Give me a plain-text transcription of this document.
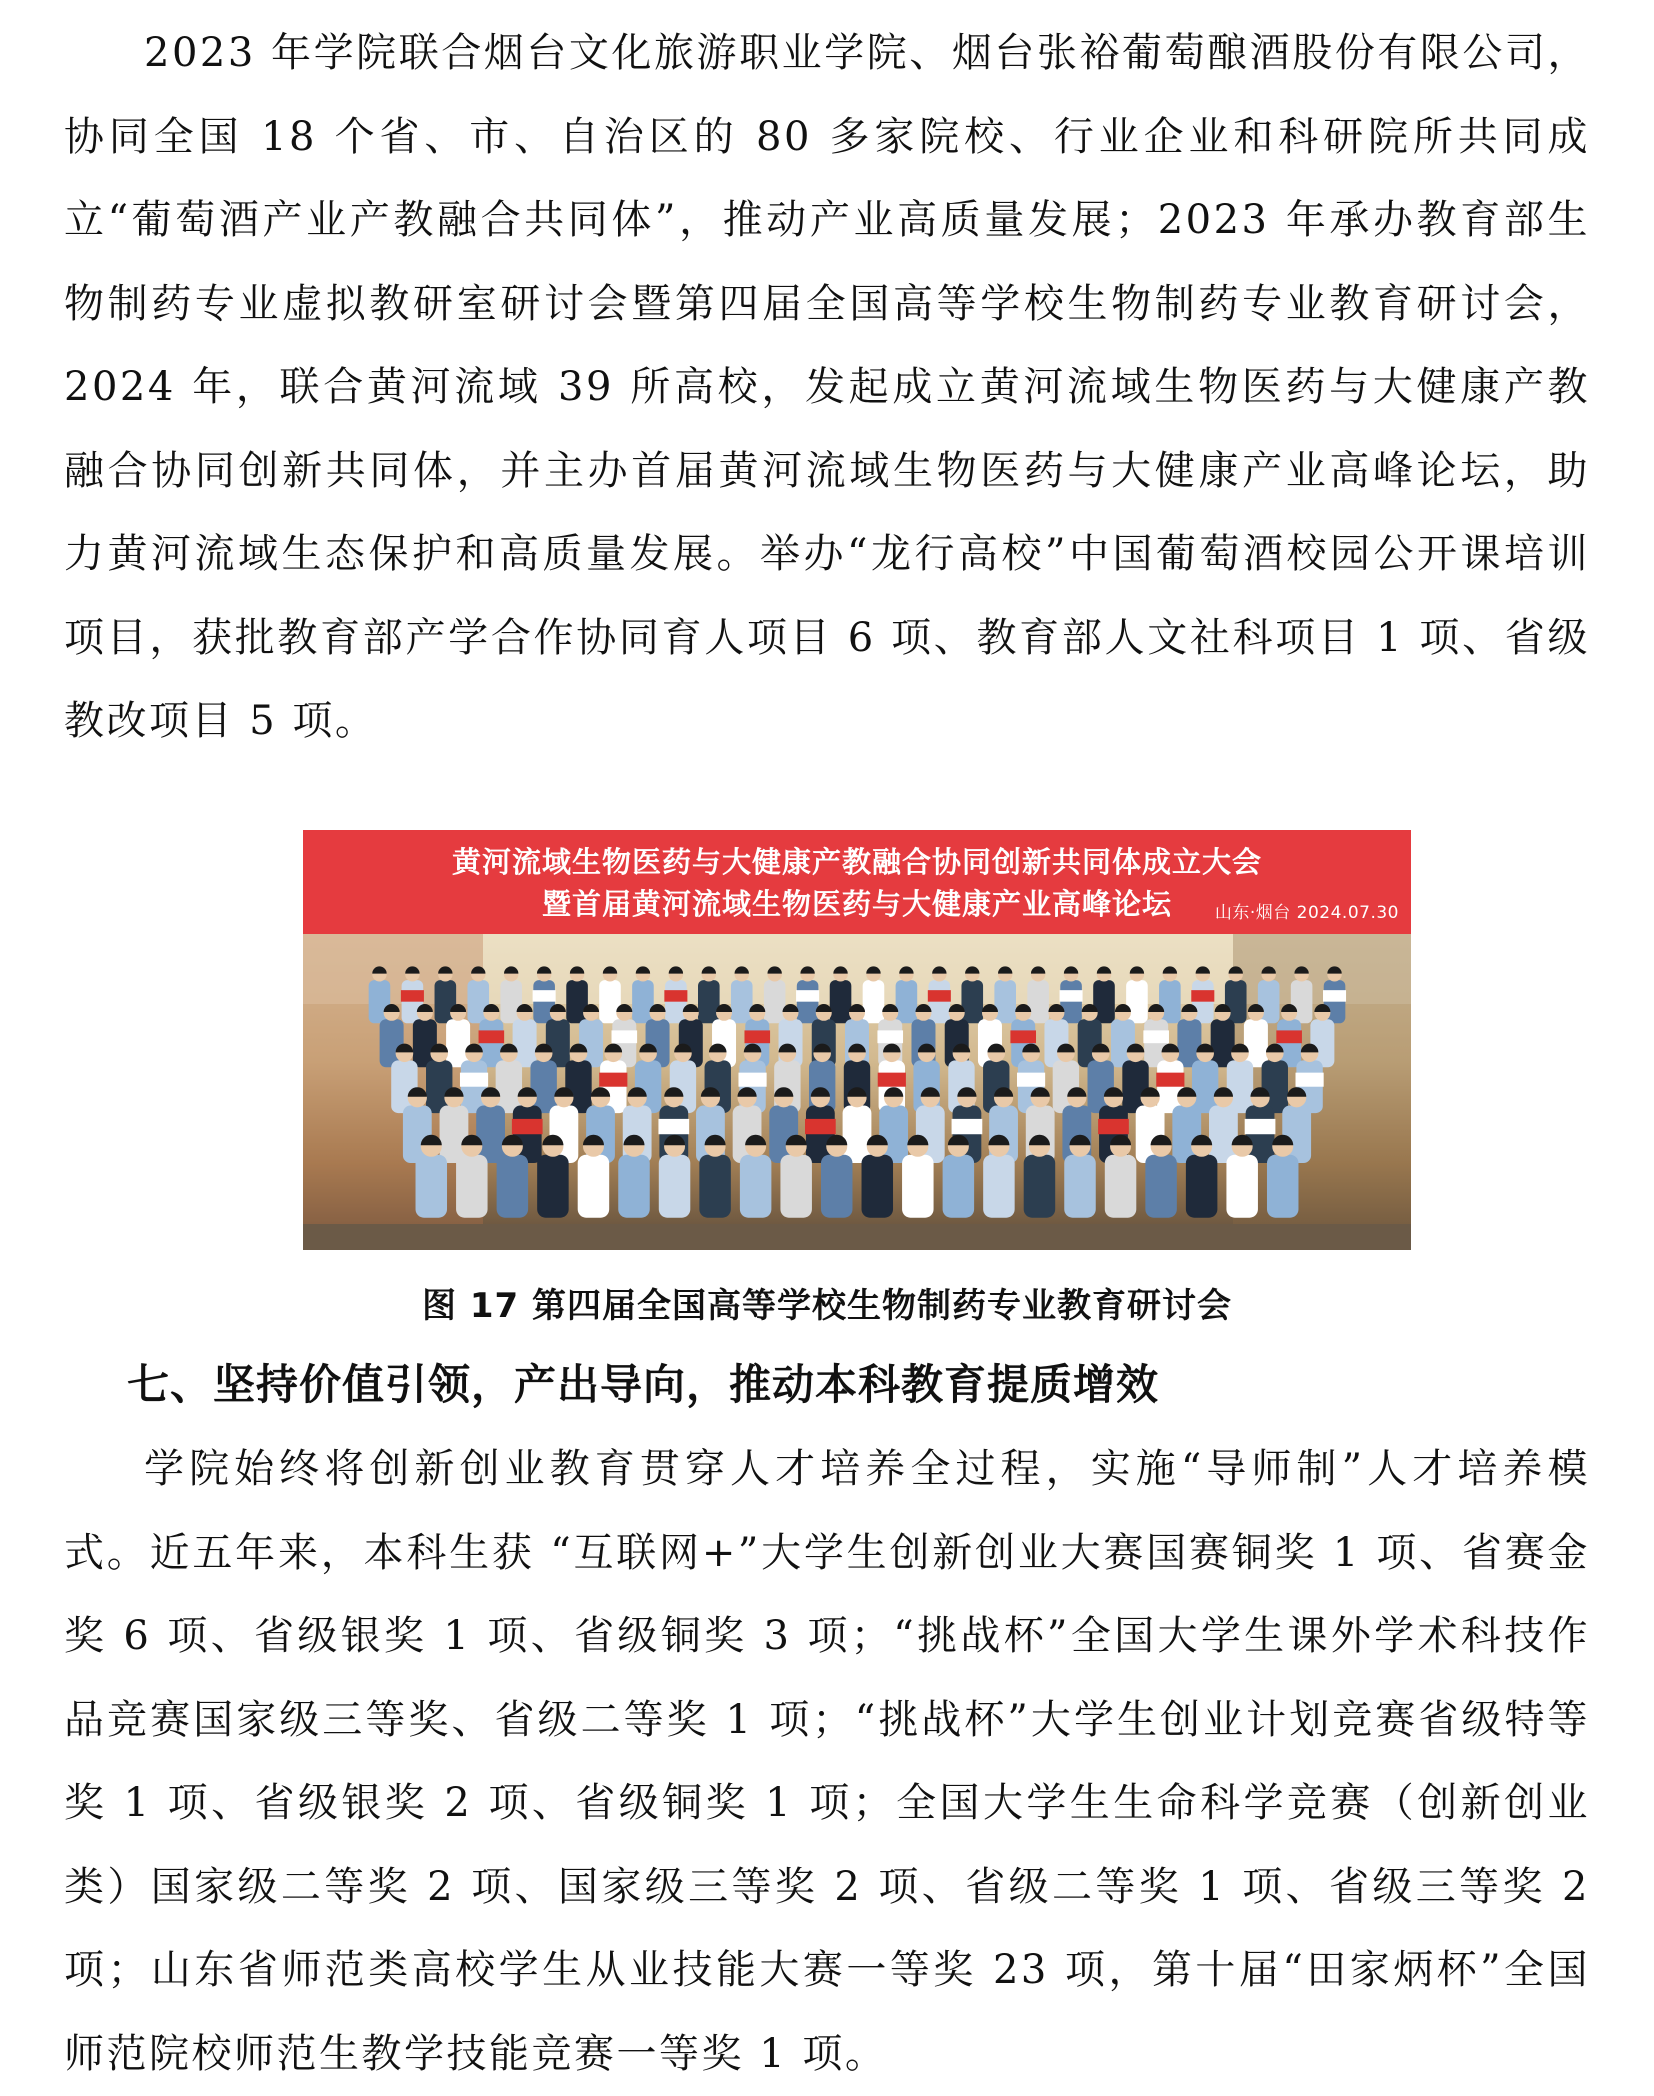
2023 年学院联合烟台文化旅游职业学院、烟台张裕葡萄酿酒股份有限公司，协同全国 18 个省、市、自治区的 80 多家院校、行业企业和科研院所共同成立“葡萄酒产业产教融合共同体”，推动产业高质量发展；2023 年承办教育部生物制药专业虚拟教研室研讨会暨第四届全国高等学校生物制药专业教育研讨会，2024 年，联合黄河流域 39 所高校，发起成立黄河流域生物医药与大健康产教融合协同创新共同体，并主办首届黄河流域生物医药与大健康产业高峰论坛，助力黄河流域生态保护和高质量发展。举办“龙行高校”中国葡萄酒校园公开课培训项目，获批教育部产学合作协同育人项目 6 项、教育部人文社科项目 1 项、省级教改项目 5 项。

黄河流域生物医药与大健康产教融合协同创新共同体成立大会
暨首届黄河流域生物医药与大健康产业高峰论坛	山东·烟台 2024.07.30

图 17 第四届全国高等学校生物制药专业教育研讨会

七、坚持价值引领，产出导向，推动本科教育提质增效

学院始终将创新创业教育贯穿人才培养全过程，实施“导师制”人才培养模式。近五年来，本科生获 “互联网+”大学生创新创业大赛国赛铜奖 1 项、省赛金奖 6 项、省级银奖 1 项、省级铜奖 3 项；“挑战杯”全国大学生课外学术科技作品竞赛国家级三等奖、省级二等奖 1 项；“挑战杯”大学生创业计划竞赛省级特等奖 1 项、省级银奖 2 项、省级铜奖 1 项；全国大学生生命科学竞赛（创新创业类）国家级二等奖 2 项、国家级三等奖 2 项、省级二等奖 1 项、省级三等奖 2 项；山东省师范类高校学生从业技能大赛一等奖 23 项，第十届“田家炳杯”全国师范院校师范生教学技能竞赛一等奖 1 项。
